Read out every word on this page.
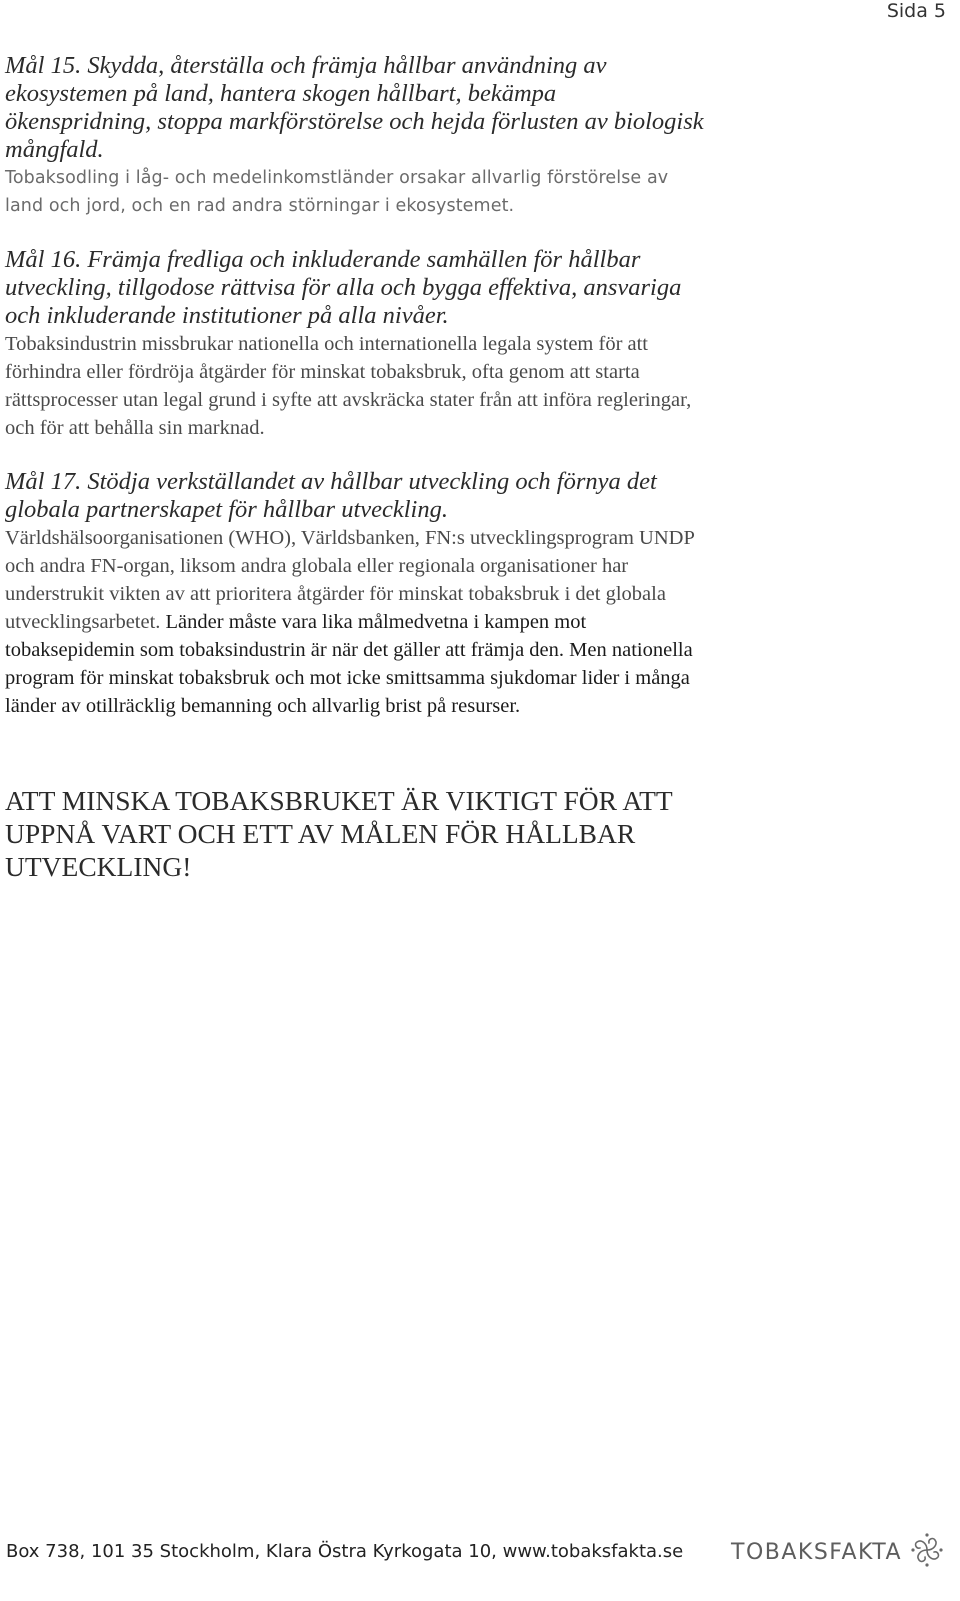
Sida 5

Mål 15. Skydda, återställa och främja hållbar användning av ekosystemen på land, hantera skogen hållbart, bekämpa ökenspridning, stoppa markförstörelse och hejda förlusten av biologisk mångfald.

Tobaksodling i låg- och medelinkomstländer orsakar allvarlig förstörelse av land och jord, och en rad andra störningar i ekosystemet.

Mål 16. Främja fredliga och inkluderande samhällen för hållbar utveckling, tillgodose rättvisa för alla och bygga effektiva, ansvariga och inkluderande institutioner på alla nivåer.

Tobaksindustrin missbrukar nationella och internationella legala system för att förhindra eller fördröja åtgärder för minskat tobaksbruk, ofta genom att starta rättsprocesser utan legal grund i syfte att avskräcka stater från att införa regleringar, och för att behålla sin marknad.

Mål 17. Stödja verkställandet av hållbar utveckling och förnya det globala partnerskapet för hållbar utveckling.

Världshälsoorganisationen (WHO), Världsbanken, FN:s utvecklingsprogram UNDP och andra FN-organ, liksom andra globala eller regionala organisationer har understrukit vikten av att prioritera åtgärder för minskat tobaksbruk i det globala utvecklingsarbetet. Länder måste vara lika målmedvetna i kampen mot tobaksepidemin som tobaksindustrin är när det gäller att främja den. Men nationella program för minskat tobaksbruk och mot icke smittsamma sjukdomar lider i många länder av otillräcklig bemanning och allvarlig brist på resurser.

ATT MINSKA TOBAKSBRUKET ÄR VIKTIGT FÖR ATT UPPNÅ VART OCH ETT AV MÅLEN FÖR HÅLLBAR UTVECKLING!
Box 738, 101 35 Stockholm, Klara Östra Kyrkogata 10, www.tobaksfakta.se TOBAKSFAKTA
